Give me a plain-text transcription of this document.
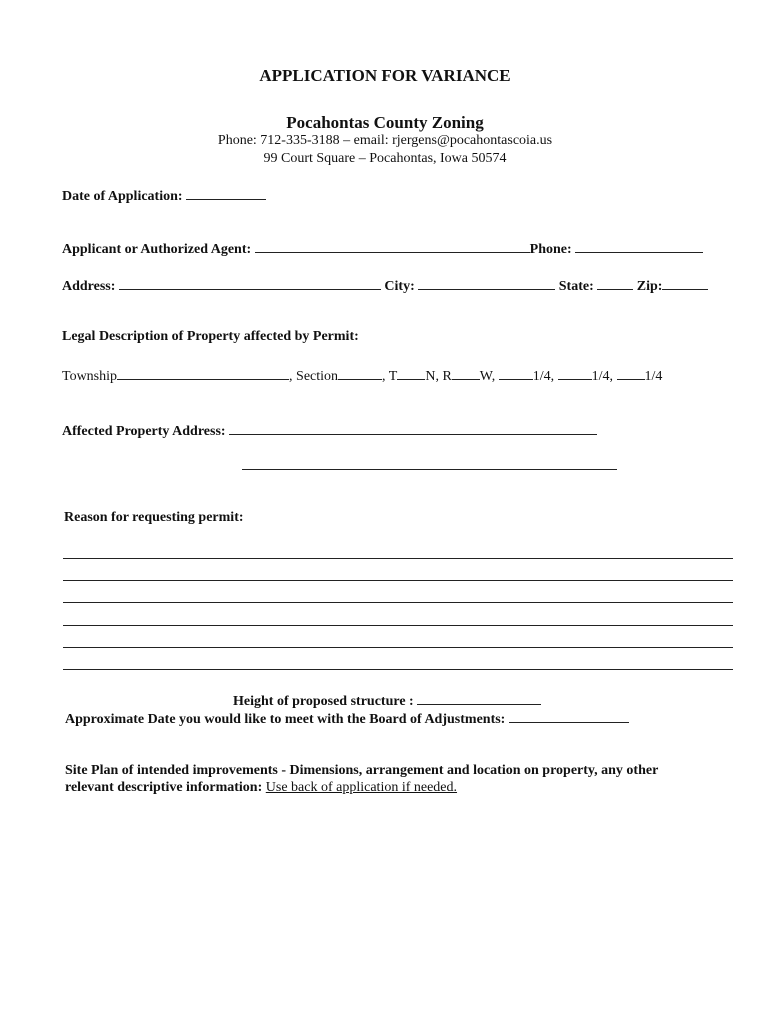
APPLICATION FOR VARIANCE
Pocahontas County Zoning
Phone: 712-335-3188 – email: rjergens@pocahontascoia.us
99 Court Square – Pocahontas, Iowa 50574
Date of Application:
Applicant or Authorized Agent:	Phone:
Address:	City:	State:	Zip:
Legal Description of Property affected by Permit:
Township	, Section	, T N, R W,	1/4,	1/4, 1/4
Affected Property Address:
Reason for requesting permit:
Height of proposed structure :
Approximate Date you would like to meet with the Board of Adjustments:
Site Plan of intended improvements - Dimensions, arrangement and location on property, any other
relevant descriptive information: Use back of application if needed.
